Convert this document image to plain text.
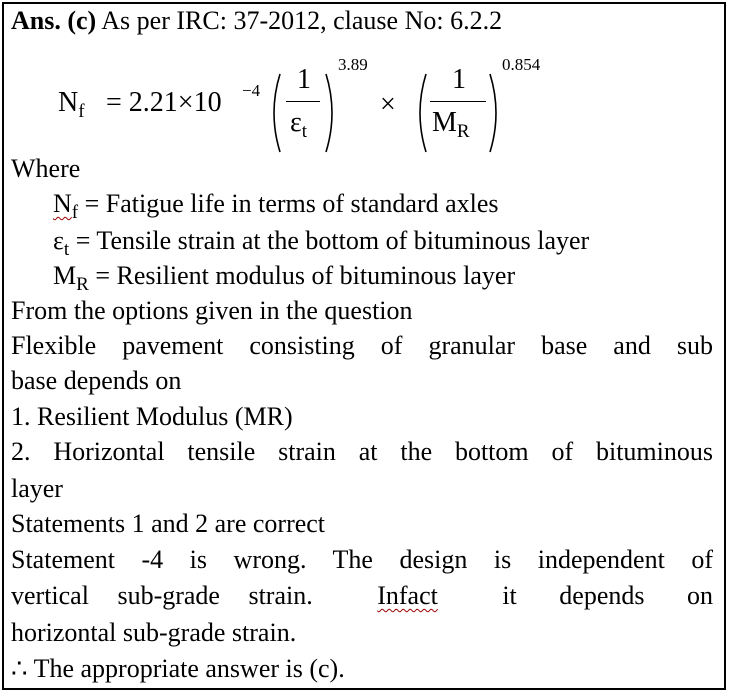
Ans. (c) As per IRC: 37-2012, clause No: 6.2.2
$N_f = 2.21\times 10 -4$ 1
$\varepsilon_t$
3.89
×
1
$M_R$
0.854
Where
$N_f$ = Fatigue life in terms of standard axles
$\varepsilon_t$ = Tensile strain at the bottom of bituminous layer
$M_R$ = Resilient modulus of bituminous layer
From the options given in the question
Flexible pavement consisting of granular base and sub
base depends on
1. Resilient Modulus (MR)
2. Horizontal tensile strain at the bottom of bituminous
layer
Statements 1 and 2 are correct
Statement -4 is wrong. The design is independent of
vertical sub-grade strain. Infact it depends on
horizontal sub-grade strain.
∴ The appropriate answer is (c).
